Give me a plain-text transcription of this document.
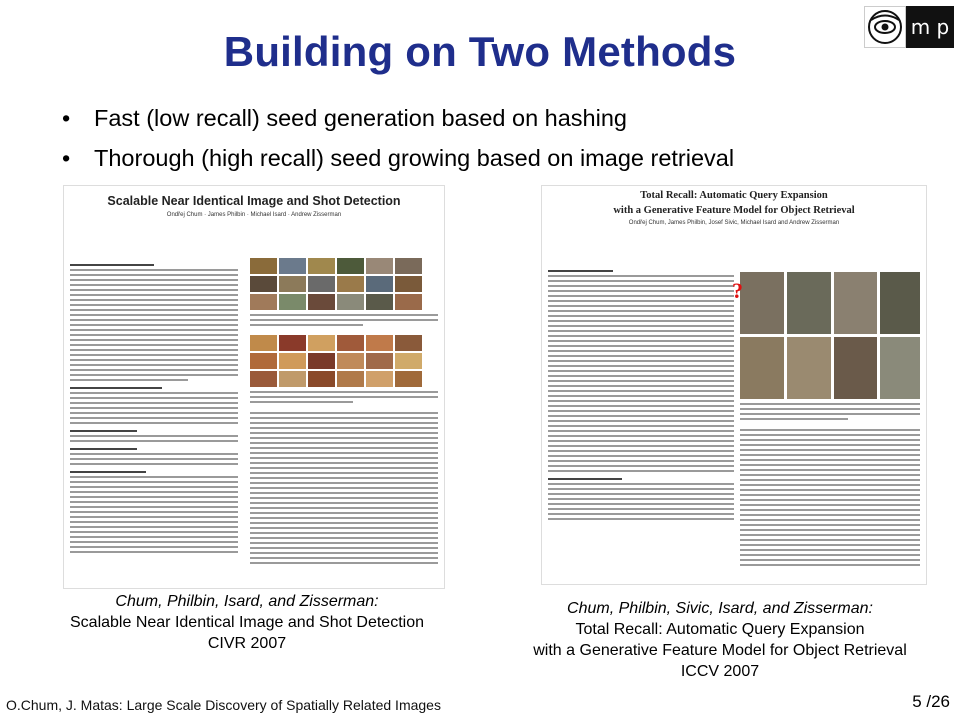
m p
Building on Two Methods
• Fast (low recall) seed generation based on hashing
• Thorough (high recall) seed growing based on image retrieval
Scalable Near Identical Image and Shot Detection
Ondřej Chum · James Philbin · Michael Isard · Andrew Zisserman
Total Recall: Automatic Query Expansion
with a Generative Feature Model for Object Retrieval
Ondřej Chum, James Philbin, Josef Sivic, Michael Isard and Andrew Zisserman
?
Chum, Philbin, Isard, and Zisserman:
Scalable Near Identical Image and Shot Detection
CIVR 2007
Chum, Philbin, Sivic, Isard, and Zisserman:
Total Recall: Automatic Query Expansion
with a Generative Feature Model for Object Retrieval
ICCV 2007
O.Chum, J. Matas: Large Scale Discovery of Spatially Related Images	5 /26
